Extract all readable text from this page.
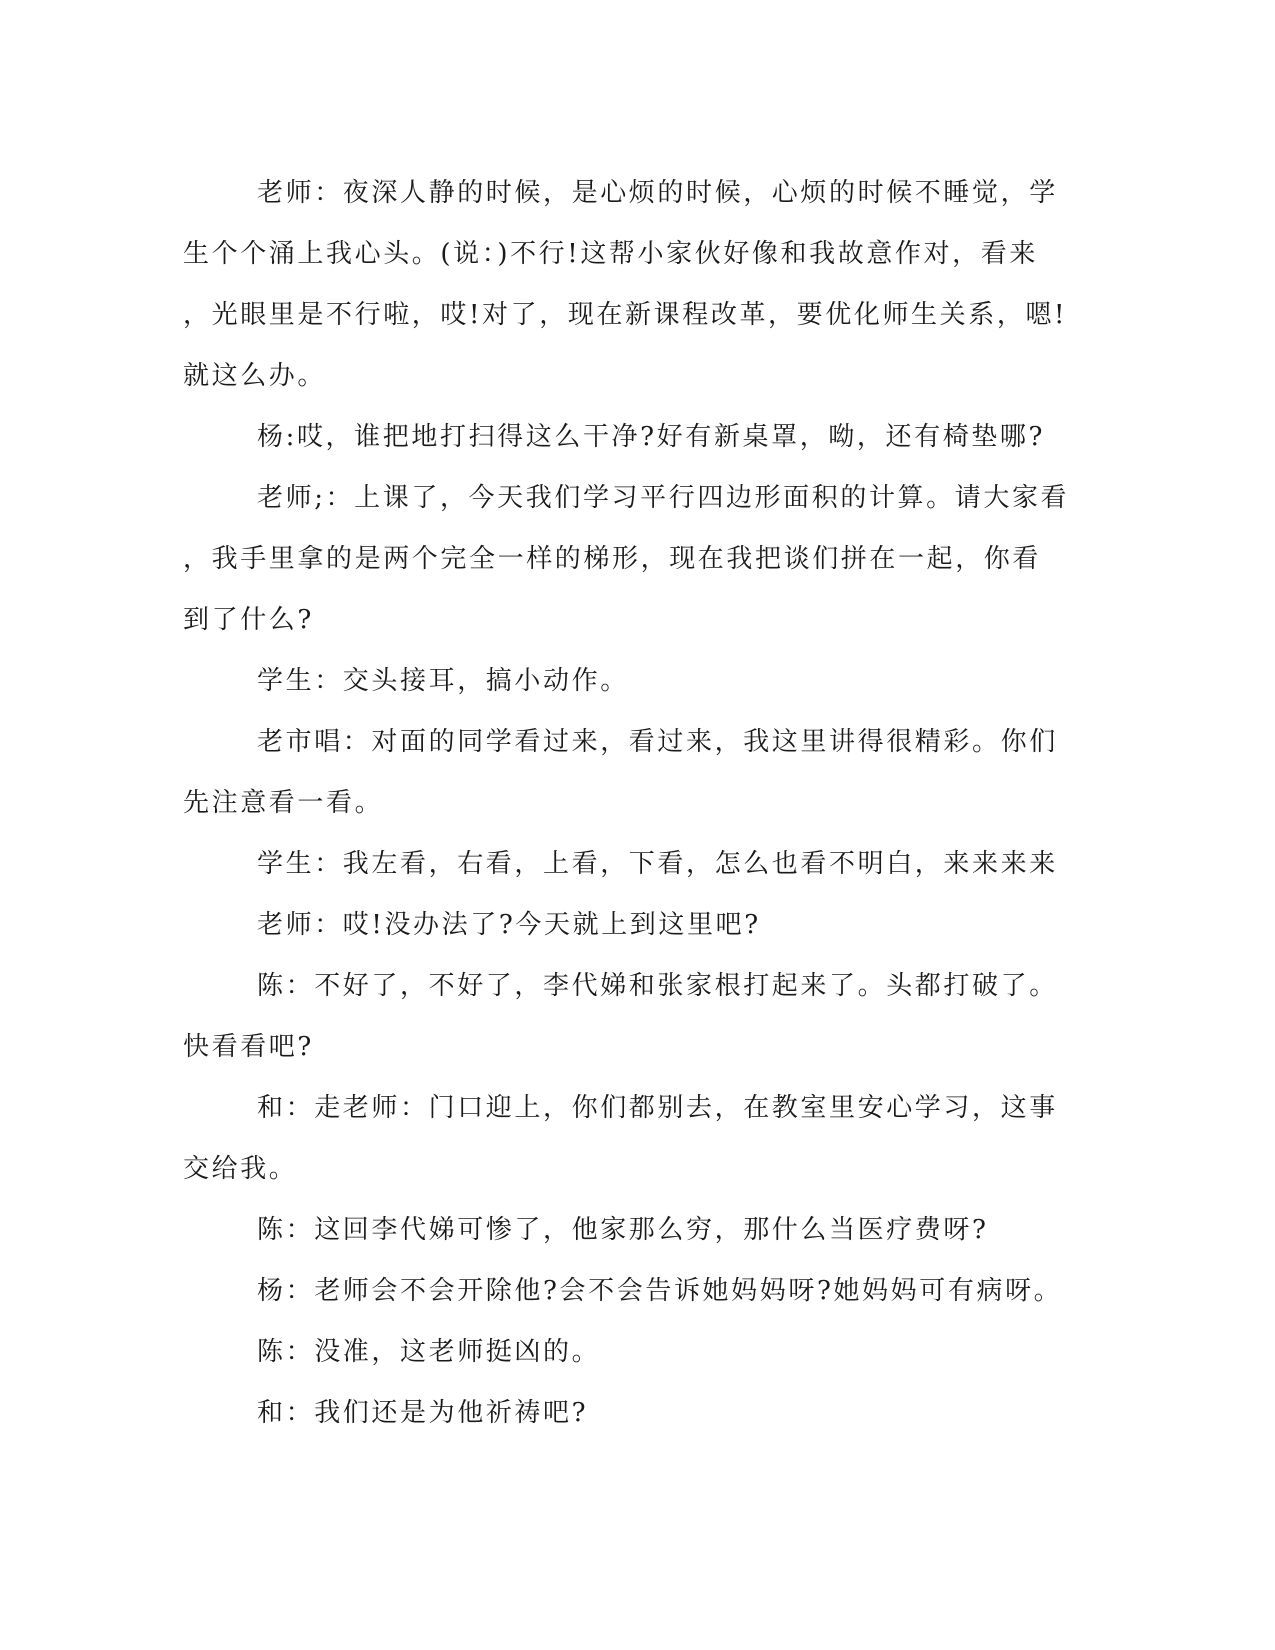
老师：夜深人静的时候，是心烦的时候，心烦的时候不睡觉，学
生个个涌上我心头。(说：)不行!这帮小家伙好像和我故意作对，看来
，光眼里是不行啦，哎!对了，现在新课程改革，要优化师生关系，嗯!
就这么办。

杨:哎，谁把地打扫得这么干净?好有新桌罩，呦，还有椅垫哪?

老师;：上课了，今天我们学习平行四边形面积的计算。请大家看
，我手里拿的是两个完全一样的梯形，现在我把谈们拼在一起，你看
到了什么?

学生：交头接耳，搞小动作。

老市唱：对面的同学看过来，看过来，我这里讲得很精彩。你们
先注意看一看。

学生：我左看，右看，上看，下看，怎么也看不明白，来来来来

老师：哎!没办法了?今天就上到这里吧?

陈：不好了，不好了，李代娣和张家根打起来了。头都打破了。
快看看吧?

和：走老师：门口迎上，你们都别去，在教室里安心学习，这事
交给我。

陈：这回李代娣可惨了，他家那么穷，那什么当医疗费呀?

杨：老师会不会开除他?会不会告诉她妈妈呀?她妈妈可有病呀。

陈：没准，这老师挺凶的。

和：我们还是为他祈祷吧?
